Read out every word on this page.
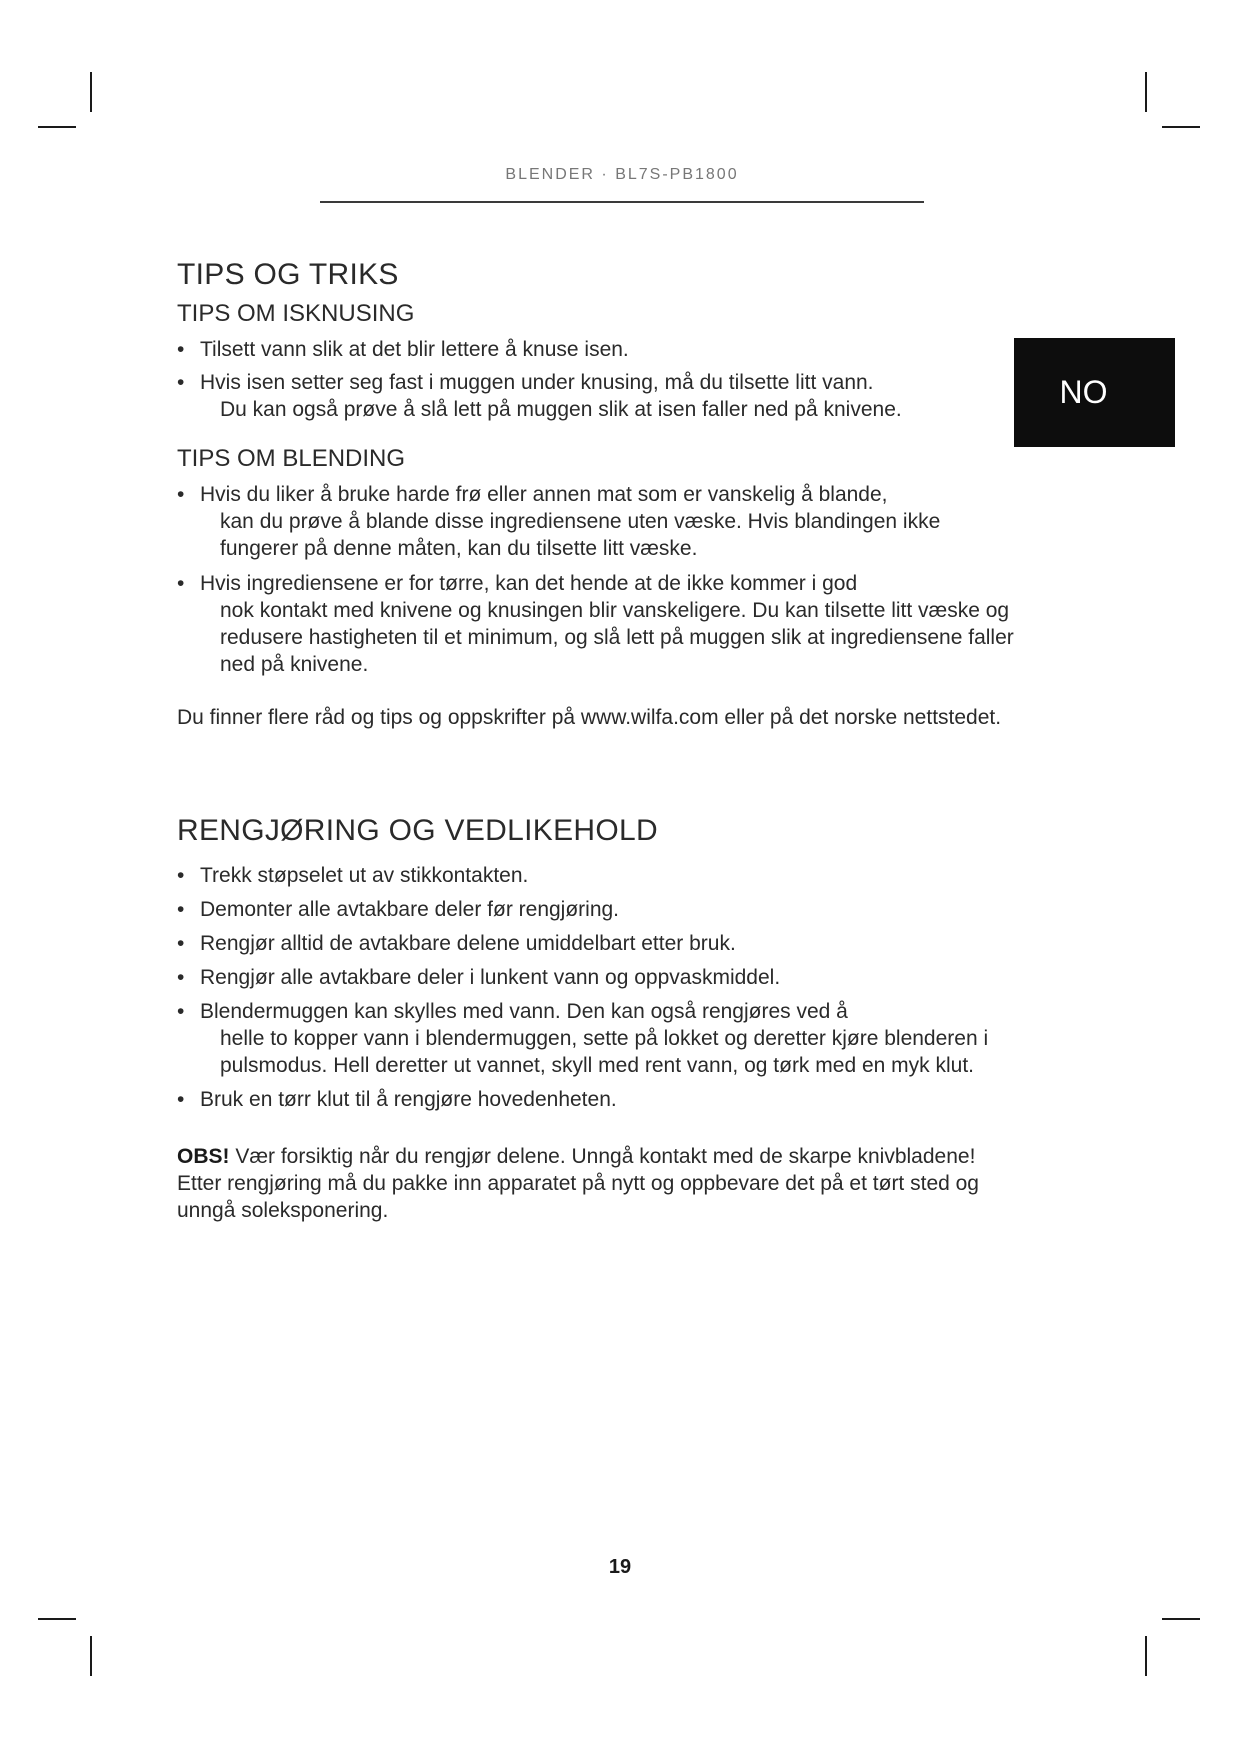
BLENDER · BL7S-PB1800
NO
TIPS OG TRIKS
TIPS OM ISKNUSING
• Tilsett vann slik at det blir lettere å knuse isen.
• Hvis isen setter seg fast i muggen under knusing, må du tilsette litt vann.
Du kan også prøve å slå lett på muggen slik at isen faller ned på knivene.
TIPS OM BLENDING
• Hvis du liker å bruke harde frø eller annen mat som er vanskelig å blande,
kan du prøve å blande disse ingrediensene uten væske. Hvis blandingen ikke fungerer på denne måten, kan du tilsette litt væske.
• Hvis ingrediensene er for tørre, kan det hende at de ikke kommer i god
nok kontakt med knivene og knusingen blir vanskeligere. Du kan tilsette litt væske og redusere hastigheten til et minimum, og slå lett på muggen slik at ingrediensene faller ned på knivene.

Du finner flere råd og tips og oppskrifter på www.wilfa.com eller på det norske nettstedet.

RENGJØRING OG VEDLIKEHOLD
• Trekk støpselet ut av stikkontakten.
• Demonter alle avtakbare deler før rengjøring.
• Rengjør alltid de avtakbare delene umiddelbart etter bruk.
• Rengjør alle avtakbare deler i lunkent vann og oppvaskmiddel.
• Blendermuggen kan skylles med vann. Den kan også rengjøres ved å
helle to kopper vann i blendermuggen, sette på lokket og deretter kjøre blenderen i pulsmodus. Hell deretter ut vannet, skyll med rent vann, og tørk med en myk klut.
• Bruk en tørr klut til å rengjøre hovedenheten.

OBS! Vær forsiktig når du rengjør delene. Unngå kontakt med de skarpe knivbladene! Etter rengjøring må du pakke inn apparatet på nytt og oppbevare det på et tørt sted og unngå soleksponering.

19
